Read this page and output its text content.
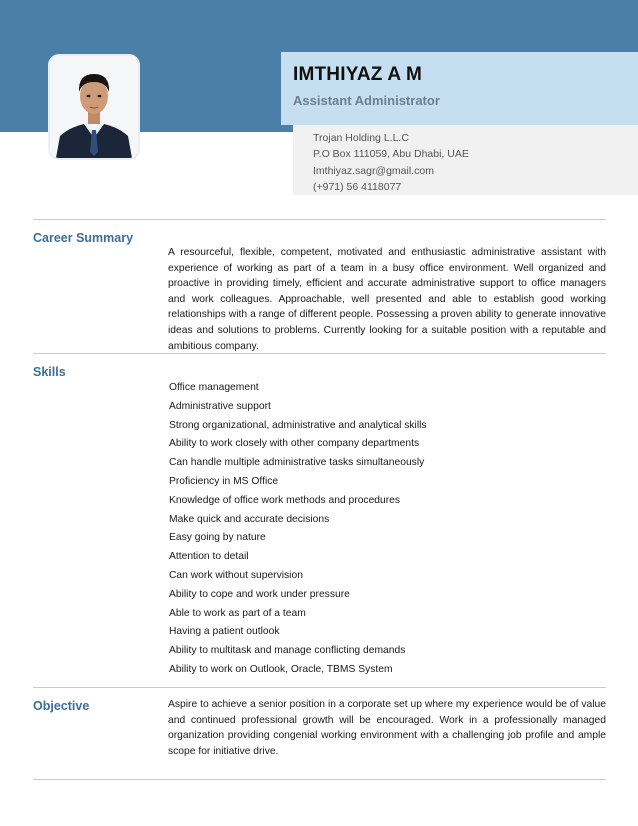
IMTHIYAZ A M
Assistant Administrator
Trojan Holding L.L.C
P.O Box 111059, Abu Dhabi, UAE
Imthiyaz.sagr@gmail.com
(+971) 56 4118077
Career Summary

A resourceful, flexible, competent, motivated and enthusiastic administrative assistant with experience of working as part of a team in a busy office environment. Well organized and proactive in providing timely, efficient and accurate administrative support to office managers and work colleagues. Approachable, well presented and able to establish good working relationships with a range of different people. Possessing a proven ability to generate innovative ideas and solutions to problems. Currently looking for a suitable position with a reputable and ambitious company.

Skills
Office management
Administrative support
Strong organizational, administrative and analytical skills
Ability to work closely with other company departments
Can handle multiple administrative tasks simultaneously
Proficiency in MS Office
Knowledge of office work methods and procedures
Make quick and accurate decisions
Easy going by nature
Attention to detail
Can work without supervision
Ability to cope and work under pressure
Able to work as part of a team
Having a patient outlook
Ability to multitask and manage conflicting demands
Ability to work on Outlook, Oracle, TBMS System
Objective	Aspire to achieve a senior position in a corporate set up where my experience would be of value and continued professional growth will be encouraged. Work in a professionally managed organization providing congenial working environment with a challenging job profile and ample scope for initiative drive.
